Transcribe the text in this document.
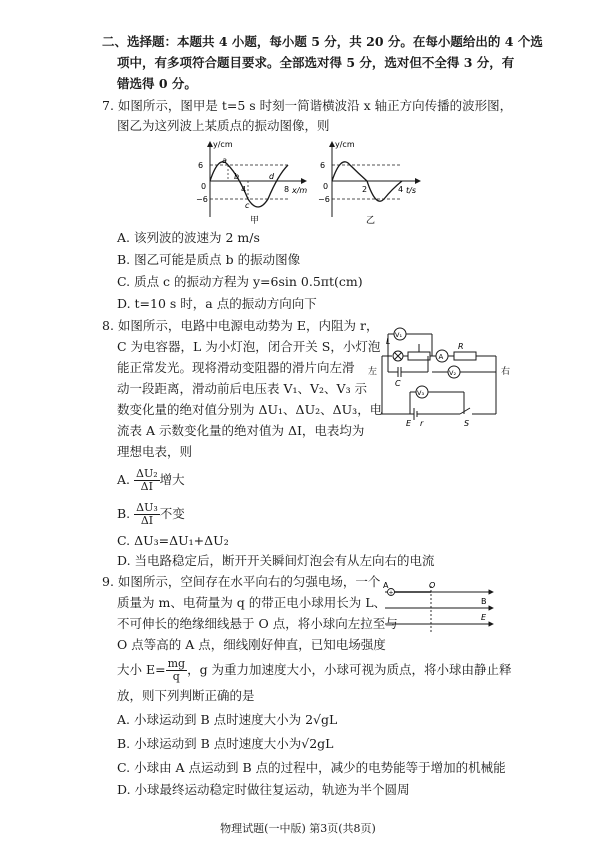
二、选择题：本题共 4 小题，每小题 5 分，共 20 分。在每小题给出的 4 个选
项中，有多项符合题目要求。全部选对得 5 分，选对但不全得 3 分，有
错选得 0 分。
7. 如图所示，图甲是 t=5 s 时刻一简谐横波沿 x 轴正方向传播的波形图，
图乙为这列波上某质点的振动图像，则
y/cm
6
−6
0
a
b
c
d
4	8 x/m
甲
y/cm
6
−6
0	2	4 t/s
乙
A. 该列波的波速为 2 m/s
B. 图乙可能是质点 b 的振动图像
C. 质点 c 的振动方程为 y=6sin 0.5πt(cm)
D. t=10 s 时，a 点的振动方向向下
8. 如图所示，电路中电源电动势为 E，内阻为 r，
C 为电容器，L 为小灯泡，闭合开关 S，小灯泡
能正常发光。现将滑动变阻器的滑片向左滑
动一段距离，滑动前后电压表 V₁、V₂、V₃ 示
数变化量的绝对值分别为 ΔU₁、ΔU₂、ΔU₃，电
流表 A 示数变化量的绝对值为 ΔI，电表均为
理想电表，则
L
R
A
V₁
V₂
V₃
C
左	右
E r	S
A. $\frac{\text{ΔU₂}}{\Delta I}$ 增大
B. $\frac{\text{ΔU₃}}{\Delta I}$ 不变
C. ΔU₃=ΔU₁+ΔU₂
D. 当电路稳定后，断开开关瞬间灯泡会有从左向右的电流
9. 如图所示，空间存在水平向右的匀强电场，一个
质量为 m、电荷量为 q 的带正电小球用长为 L、
不可伸长的绝缘细线悬于 O 点，将小球向左拉至与
O 点等高的 A 点，细线刚好伸直，已知电场强度
+
A	O
B
E
大小 $E= \frac{mg}{q}$ ，g 为重力加速度大小，小球可视为质点，将小球由静止释
放，则下列判断正确的是
A. 小球运动到 B 点时速度大小为 2√gL
B. 小球运动到 B 点时速度大小为√2gL
C. 小球由 A 点运动到 B 点的过程中，减少的电势能等于增加的机械能
D. 小球最终运动稳定时做往复运动，轨迹为半个圆周
物理试题(一中版) 第3页(共8页)
